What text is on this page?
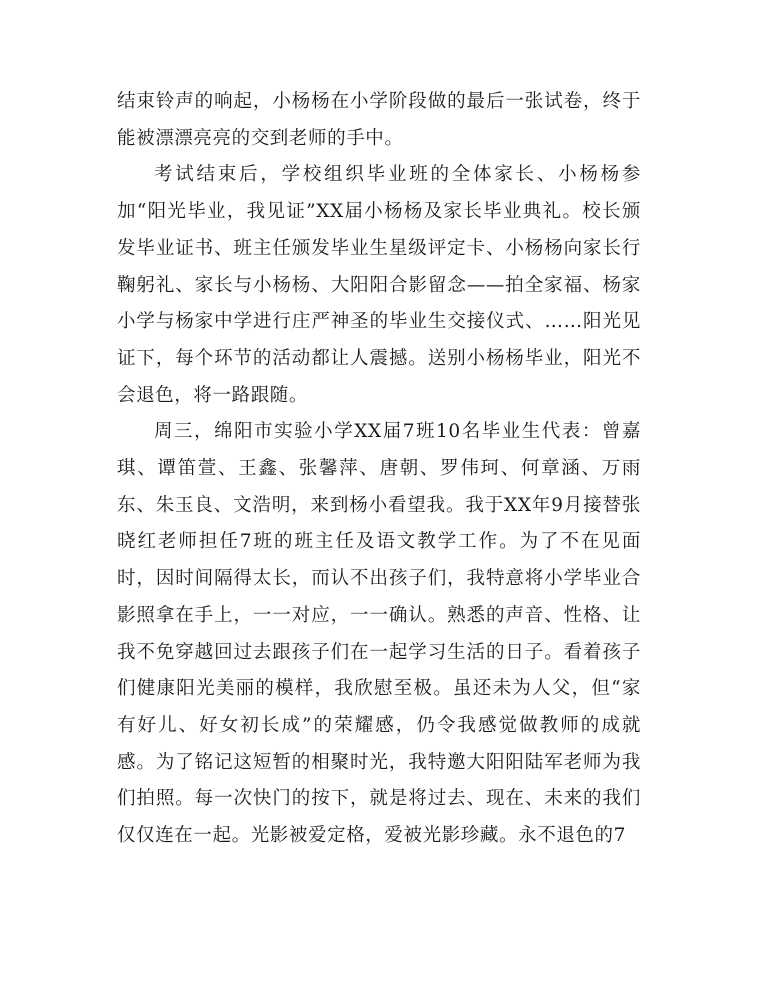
结束铃声的响起，小杨杨在小学阶段做的最后一张试卷，终于能被漂漂亮亮的交到老师的手中。

考试结束后，学校组织毕业班的全体家长、小杨杨参加“阳光毕业，我见证”XX届小杨杨及家长毕业典礼。校长颁发毕业证书、班主任颁发毕业生星级评定卡、小杨杨向家长行鞠躬礼、家长与小杨杨、大阳阳合影留念——拍全家福、杨家小学与杨家中学进行庄严神圣的毕业生交接仪式、……阳光见证下，每个环节的活动都让人震撼。送别小杨杨毕业，阳光不会退色，将一路跟随。

周三，绵阳市实验小学XX届7班10名毕业生代表：曾嘉琪、谭笛萱、王鑫、张馨萍、唐朝、罗伟珂、何章涵、万雨东、朱玉良、文浩明，来到杨小看望我。我于XX年9月接替张晓红老师担任7班的班主任及语文教学工作。为了不在见面时，因时间隔得太长，而认不出孩子们，我特意将小学毕业合影照拿在手上，一一对应，一一确认。熟悉的声音、性格、让我不免穿越回过去跟孩子们在一起学习生活的日子。看着孩子们健康阳光美丽的模样，我欣慰至极。虽还未为人父，但“家有好儿、好女初长成”的荣耀感，仍令我感觉做教师的成就感。为了铭记这短暂的相聚时光，我特邀大阳阳陆军老师为我们拍照。每一次快门的按下，就是将过去、现在、未来的我们仅仅连在一起。光影被爱定格，爱被光影珍藏。永不退色的7
